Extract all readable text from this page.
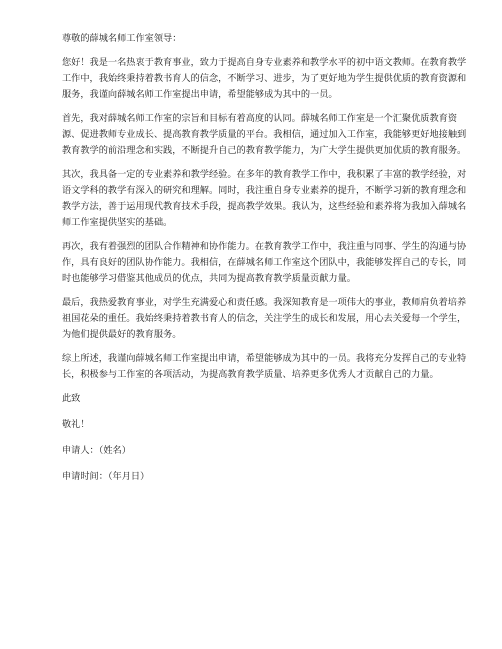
尊敬的薛城名师工作室领导：
您好！我是一名热衷于教育事业，致力于提高自身专业素养和教学水平的初中语文教师。在教育教学工作中，我始终秉持着教书育人的信念，不断学习、进步，为了更好地为学生提供优质的教育资源和服务，我谨向薛城名师工作室提出申请，希望能够成为其中的一员。
首先，我对薛城名师工作室的宗旨和目标有着高度的认同。薛城名师工作室是一个汇聚优质教育资源、促进教师专业成长、提高教育教学质量的平台。我相信，通过加入工作室，我能够更好地接触到教育教学的前沿理念和实践，不断提升自己的教育教学能力，为广大学生提供更加优质的教育服务。
其次，我具备一定的专业素养和教学经验。在多年的教育教学工作中，我积累了丰富的教学经验，对语文学科的教学有深入的研究和理解。同时，我注重自身专业素养的提升，不断学习新的教育理念和教学方法，善于运用现代教育技术手段，提高教学效果。我认为，这些经验和素养将为我加入薛城名师工作室提供坚实的基础。
再次，我有着强烈的团队合作精神和协作能力。在教育教学工作中，我注重与同事、学生的沟通与协作，具有良好的团队协作能力。我相信，在薛城名师工作室这个团队中，我能够发挥自己的专长，同时也能够学习借鉴其他成员的优点，共同为提高教育教学质量贡献力量。
最后，我热爱教育事业，对学生充满爱心和责任感。我深知教育是一项伟大的事业，教师肩负着培养祖国花朵的重任。我始终秉持着教书育人的信念，关注学生的成长和发展，用心去关爱每一个学生，为他们提供最好的教育服务。
综上所述，我谨向薛城名师工作室提出申请，希望能够成为其中的一员。我将充分发挥自己的专业特长，积极参与工作室的各项活动，为提高教育教学质量、培养更多优秀人才贡献自己的力量。
此致
敬礼！
申请人：（姓名）
申请时间：（年月日）
